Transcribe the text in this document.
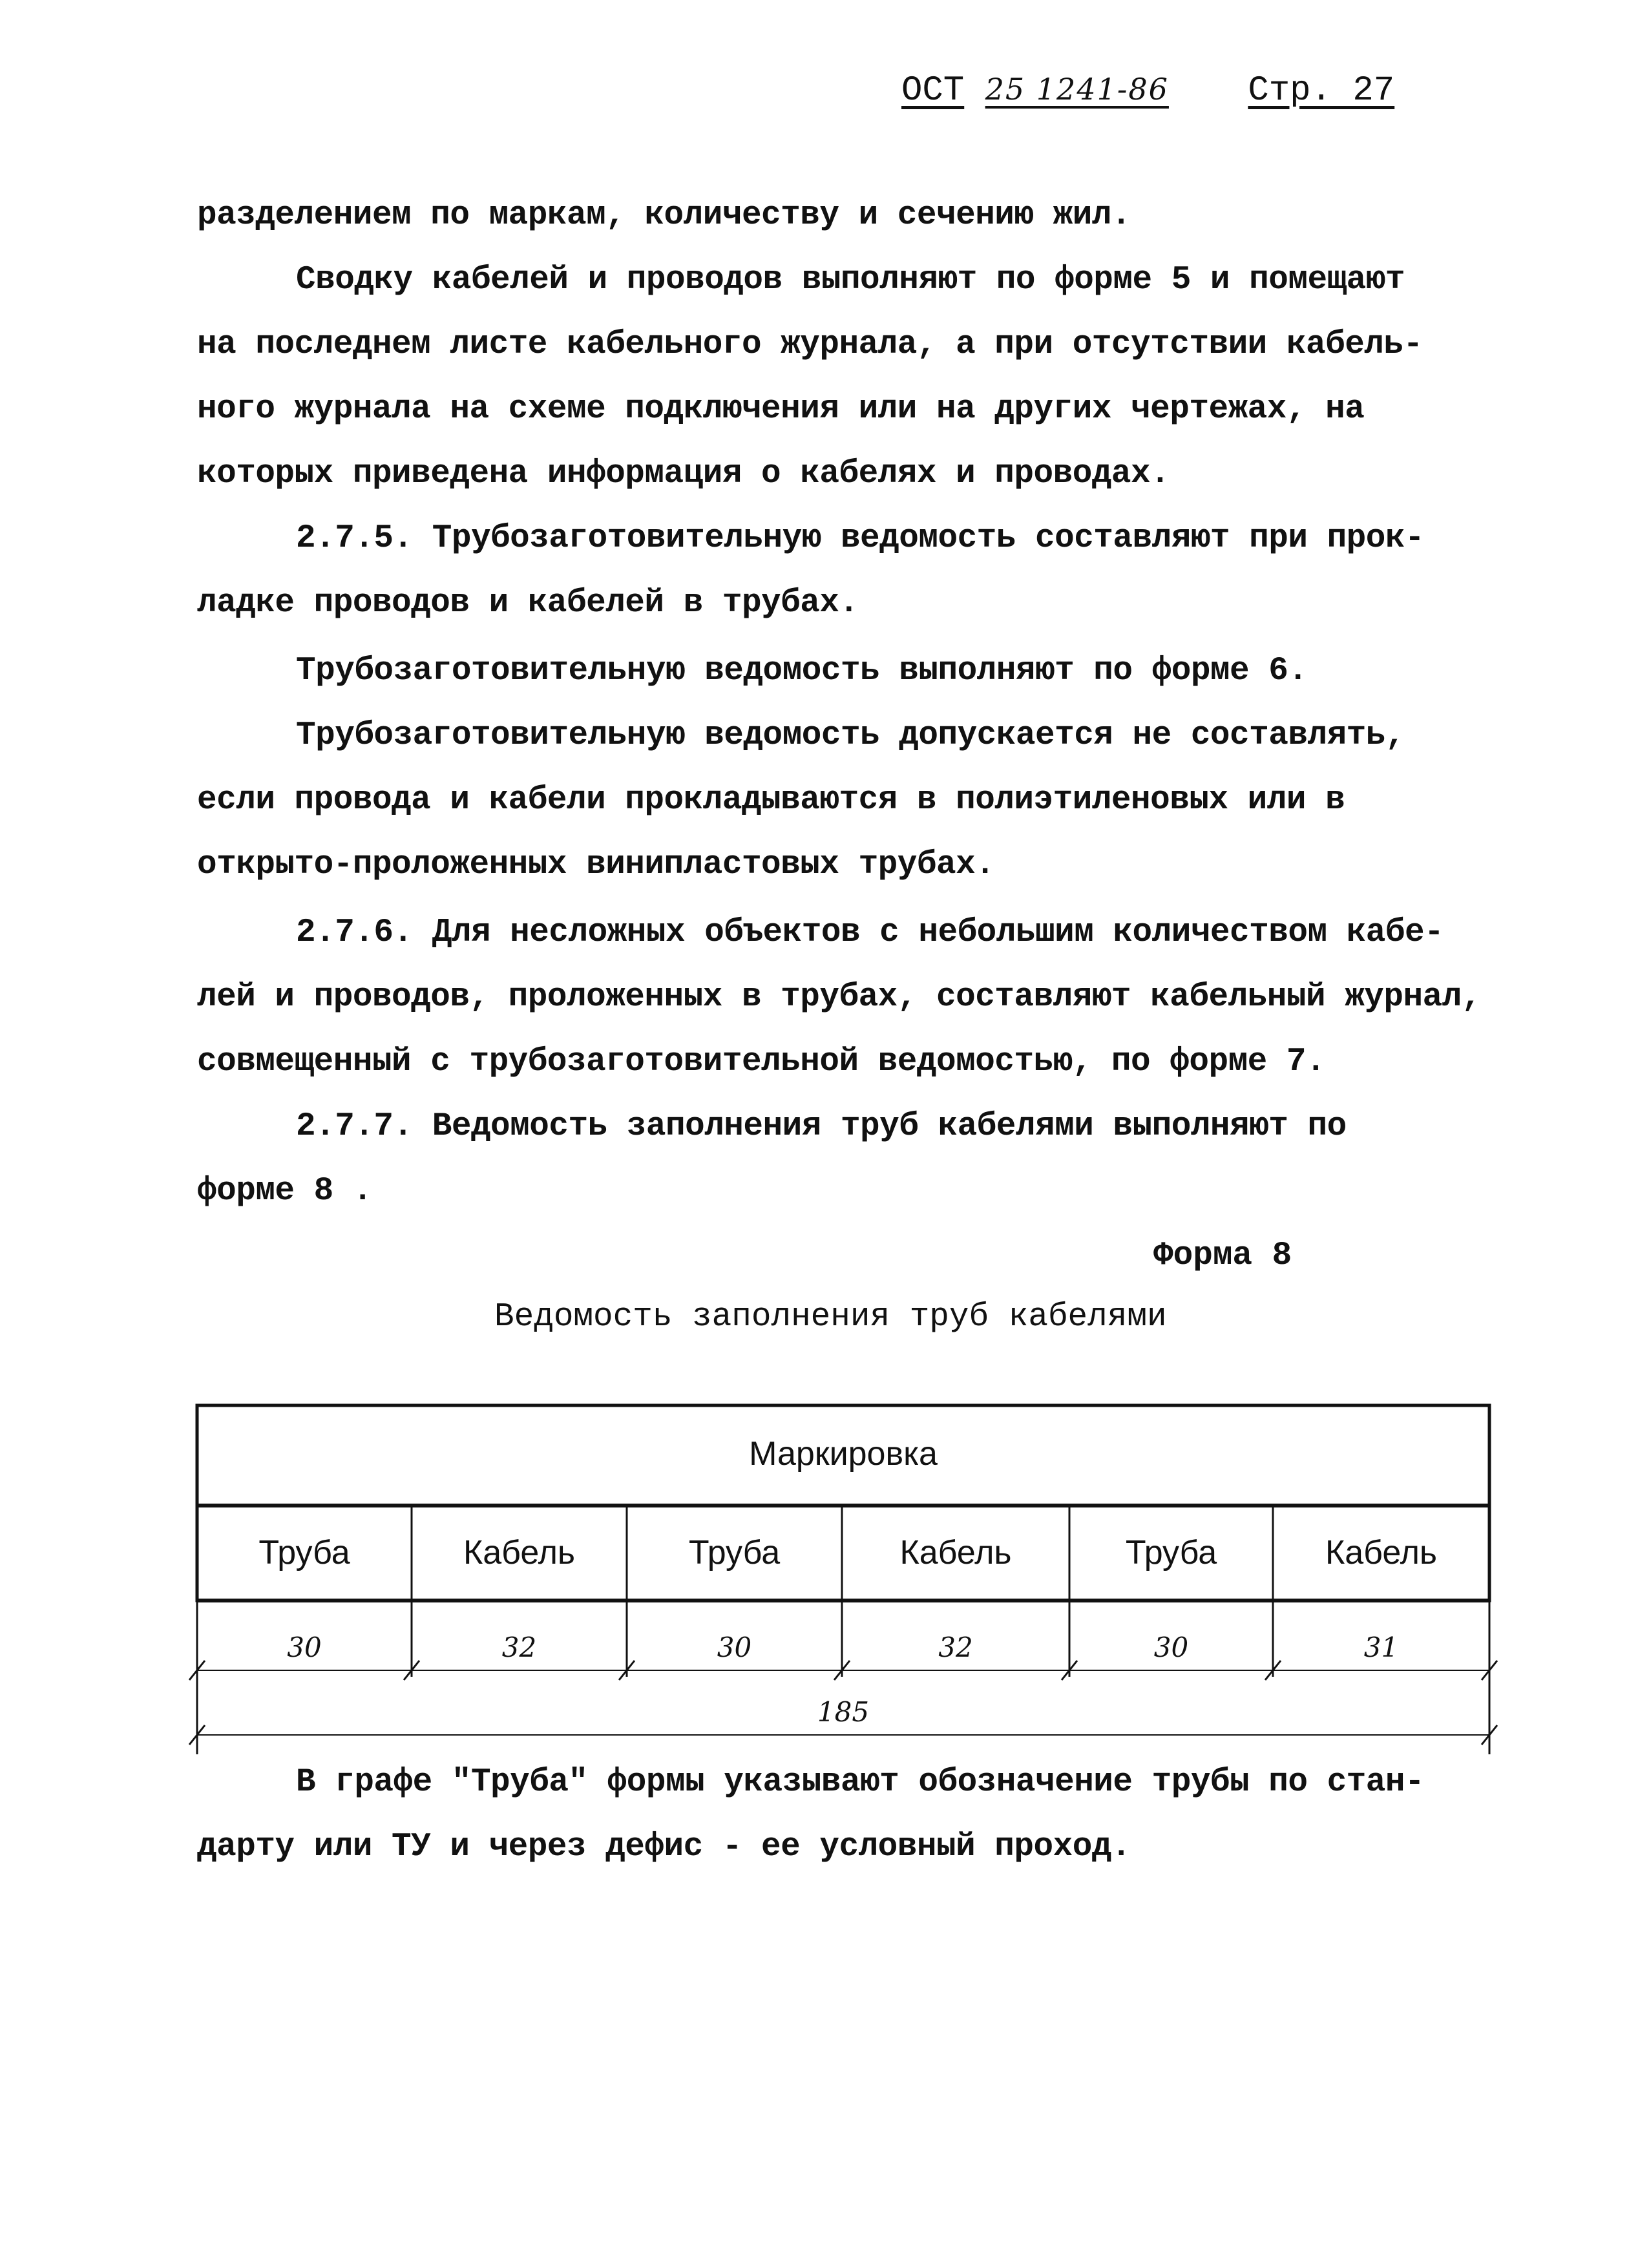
ОСТ 25 1241-86 Стр. 27
разделением по маркам, количеству и сечению жил.
Сводку кабелей и проводов выполняют по форме 5 и помещают
на последнем листе кабельного журнала, а при отсутствии кабель-
ного журнала на схеме подключения или на других чертежах, на
которых приведена информация о кабелях и проводах.
2.7.5. Трубозаготовительную ведомость составляют при прок-
ладке проводов и кабелей в трубах.
Трубозаготовительную ведомость выполняют по форме 6.
Трубозаготовительную ведомость допускается не составлять,
если провода и кабели прокладываются в полиэтиленовых или в
открыто-проложенных винипластовых трубах.
2.7.6. Для несложных объектов с небольшим количеством кабе-
лей и проводов, проложенных в трубах, составляют кабельный журнал,
совмещенный с трубозаготовительной ведомостью, по форме 7.
2.7.7. Ведомость заполнения труб кабелями выполняют по
форме 8 .
Форма 8
Ведомость заполнения труб кабелями
Маркировка
Труба	Кабель	Труба	Кабель	Труба	Кабель
30	32	30	32	30	31
185
В графе "Труба" формы указывают обозначение трубы по стан-
дарту или ТУ и через дефис - ее условный проход.
